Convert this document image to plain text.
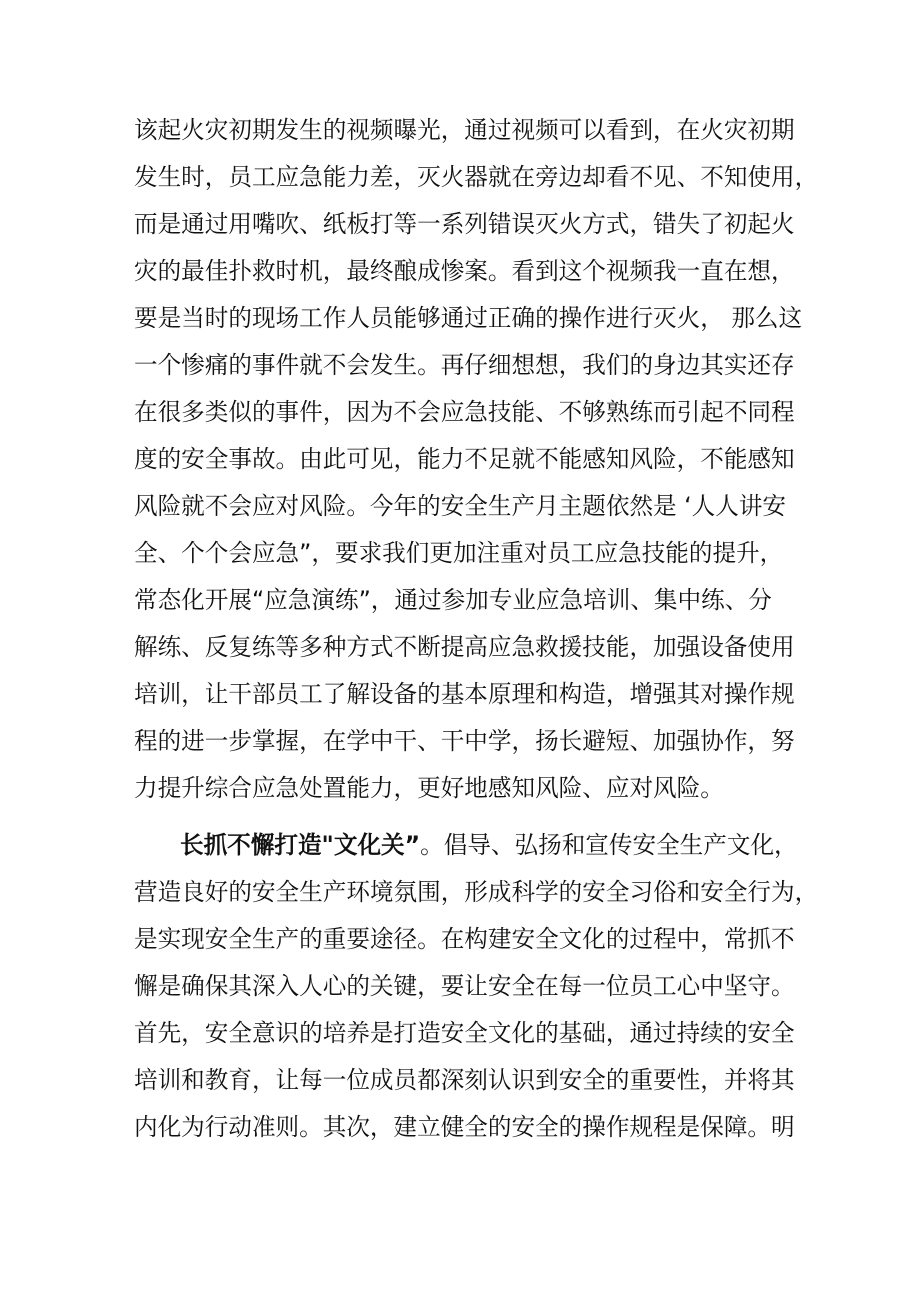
该起火灾初期发生的视频曝光，通过视频可以看到，在火灾初期
发生时，员工应急能力差，灭火器就在旁边却看不见、不知使用，
而是通过用嘴吹、纸板打等一系列错误灭火方式，错失了初起火
灾的最佳扑救时机，最终酿成惨案。看到这个视频我一直在想，
要是当时的现场工作人员能够通过正确的操作进行灭火， 那么这
一个惨痛的事件就不会发生。再仔细想想，我们的身边其实还存
在很多类似的事件，因为不会应急技能、不够熟练而引起不同程
度的安全事故。由此可见，能力不足就不能感知风险，不能感知
风险就不会应对风险。今年的安全生产月主题依然是 ‘人人讲安
全、个个会应急”，要求我们更加注重对员工应急技能的提升，
常态化开展“应急演练”，通过参加专业应急培训、集中练、分
解练、反复练等多种方式不断提高应急救援技能，加强设备使用
培训，让干部员工了解设备的基本原理和构造，增强其对操作规
程的进一步掌握，在学中干、干中学，扬长避短、加强协作，努
力提升综合应急处置能力，更好地感知风险、应对风险。
长抓不懈打造"文化关”。倡导、弘扬和宣传安全生产文化，
营造良好的安全生产环境氛围，形成科学的安全习俗和安全行为，
是实现安全生产的重要途径。在构建安全文化的过程中，常抓不
懈是确保其深入人心的关键，要让安全在每一位员工心中坚守。
首先，安全意识的培养是打造安全文化的基础，通过持续的安全
培训和教育，让每一位成员都深刻认识到安全的重要性，并将其
内化为行动准则。其次，建立健全的安全的操作规程是保障。明
